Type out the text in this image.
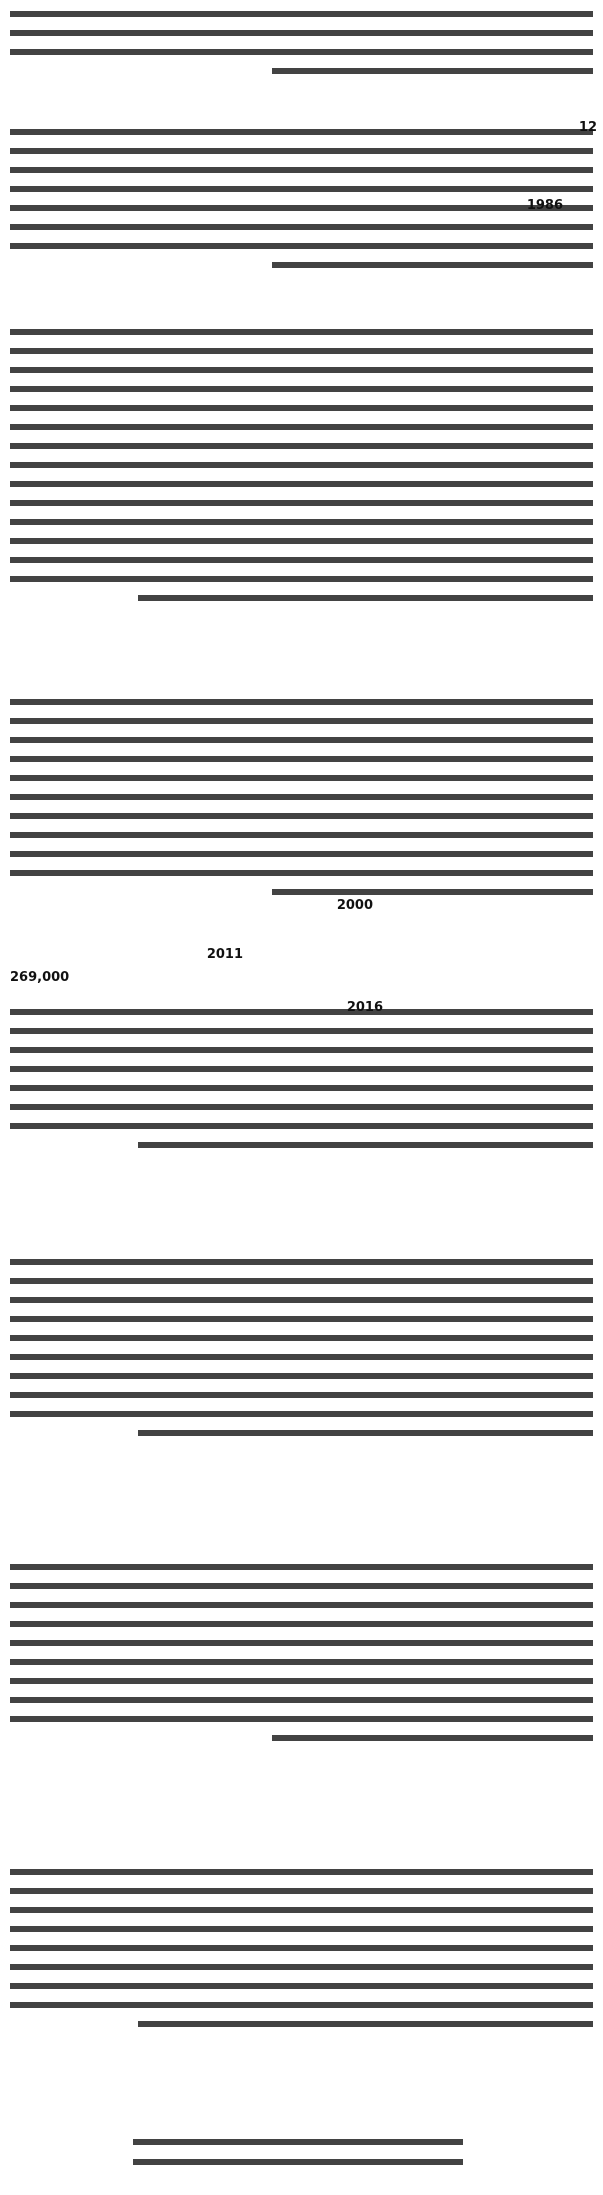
12
1986
2000
2011
269,000
2016
